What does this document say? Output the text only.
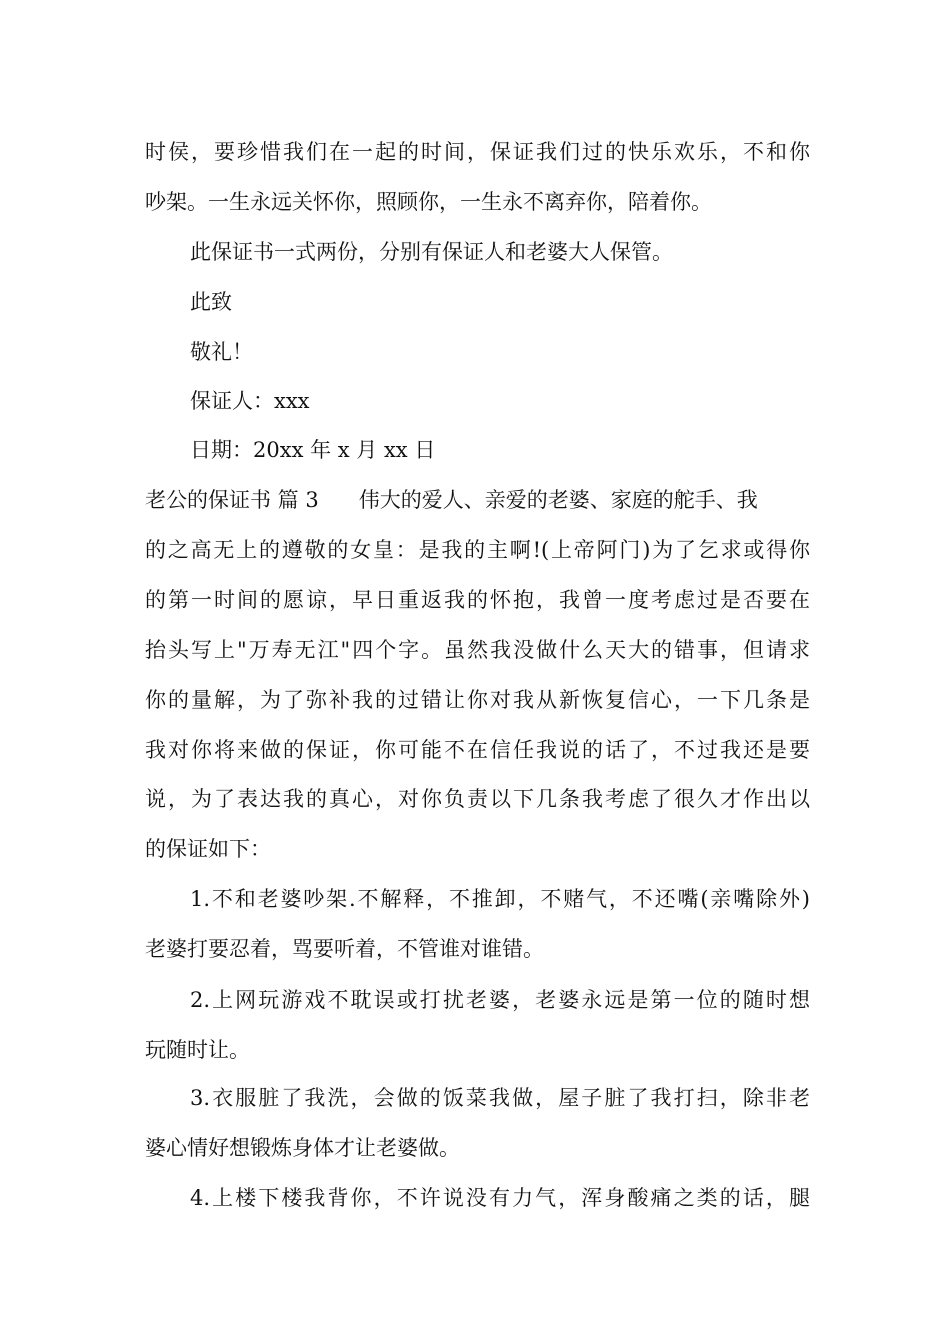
时侯，要珍惜我们在一起的时间，保证我们过的快乐欢乐，不和你
吵架。一生永远关怀你，照顾你，一生永不离弃你，陪着你。
此保证书一式两份，分别有保证人和老婆大人保管。
此致
敬礼！
保证人：xxx
日期：20xx 年 x 月 xx 日
老公的保证书 篇 3 伟大的爱人、亲爱的老婆、家庭的舵手、我
的之高无上的遵敬的女皇：是我的主啊!(上帝阿门)为了乞求或得你
的第一时间的愿谅，早日重返我的怀抱，我曾一度考虑过是否要在
抬头写上"万寿无江"四个字。虽然我没做什么天大的错事，但请求
你的量解，为了弥补我的过错让你对我从新恢复信心，一下几条是
我对你将来做的保证，你可能不在信任我说的话了，不过我还是要
说，为了表达我的真心，对你负责以下几条我考虑了很久才作出以
的保证如下：
1.不和老婆吵架.不解释，不推卸，不赌气，不还嘴(亲嘴除外)
老婆打要忍着，骂要听着，不管谁对谁错。
2.上网玩游戏不耽误或打扰老婆，老婆永远是第一位的随时想
玩随时让。
3.衣服脏了我洗，会做的饭菜我做，屋子脏了我打扫，除非老
婆心情好想锻炼身体才让老婆做。
4.上楼下楼我背你，不许说没有力气，浑身酸痛之类的话，腿
